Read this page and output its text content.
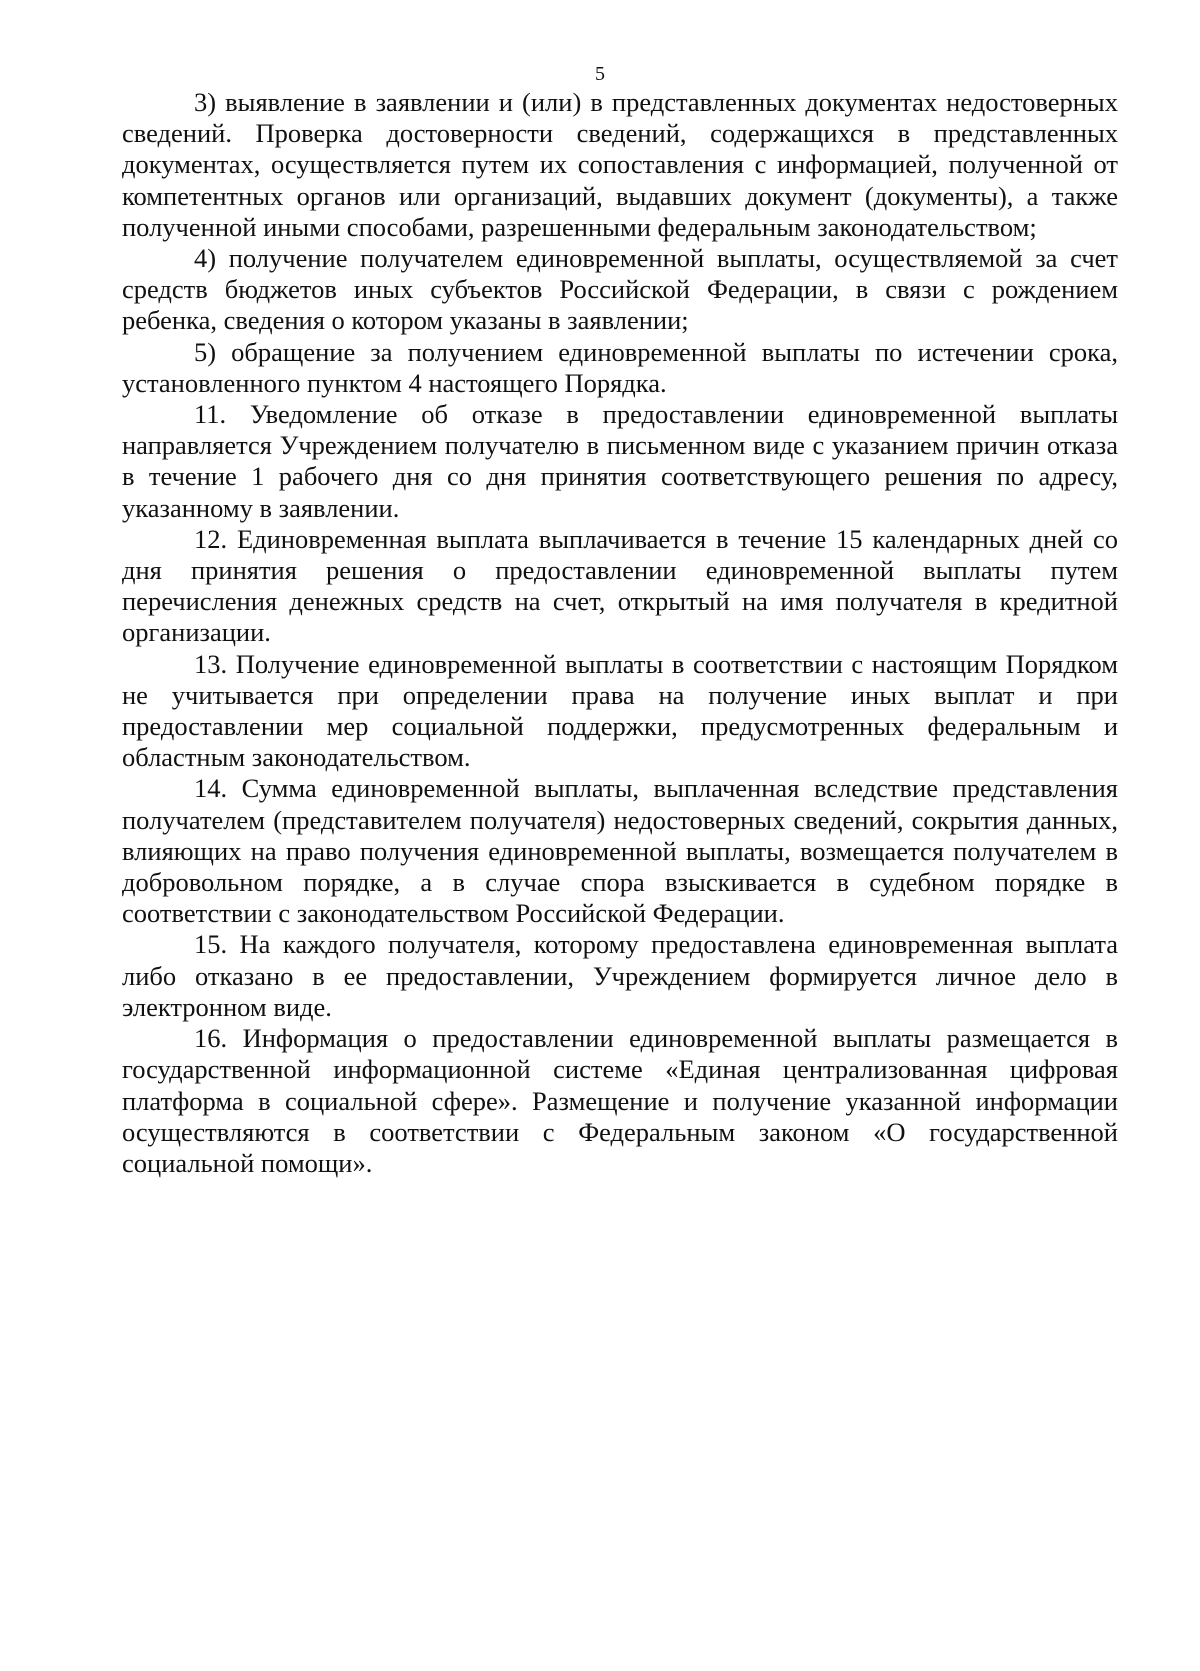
5

3) выявление в заявлении и (или) в представленных документах недостоверных сведений. Проверка достоверности сведений, содержащихся в представленных документах, осуществляется путем их сопоставления с информацией, полученной от компетентных органов или организаций, выдавших документ (документы), а также полученной иными способами, разрешенными федеральным законодательством;

4) получение получателем единовременной выплаты, осуществляемой за счет средств бюджетов иных субъектов Российской Федерации, в связи с рождением ребенка, сведения о котором указаны в заявлении;

5) обращение за получением единовременной выплаты по истечении срока, установленного пунктом 4 настоящего Порядка.

11. Уведомление об отказе в предоставлении единовременной выплаты направляется Учреждением получателю в письменном виде с указанием причин отказа в течение 1 рабочего дня со дня принятия соответствующего решения по адресу, указанному в заявлении.

12. Единовременная выплата выплачивается в течение 15 календарных дней со дня принятия решения о предоставлении единовременной выплаты путем перечисления денежных средств на счет, открытый на имя получателя в кредитной организации.

13. Получение единовременной выплаты в соответствии с настоящим Порядком не учитывается при определении права на получение иных выплат и при предоставлении мер социальной поддержки, предусмотренных федеральным и областным законодательством.

14. Сумма единовременной выплаты, выплаченная вследствие представления получателем (представителем получателя) недостоверных сведений, сокрытия данных, влияющих на право получения единовременной выплаты, возмещается получателем в добровольном порядке, а в случае спора взыскивается в судебном порядке в соответствии с законодательством Российской Федерации.

15. На каждого получателя, которому предоставлена единовременная выплата либо отказано в ее предоставлении, Учреждением формируется личное дело в электронном виде.

16. Информация о предоставлении единовременной выплаты размещается в государственной информационной системе «Единая централизованная цифровая платформа в социальной сфере». Размещение и получение указанной информации осуществляются в соответствии с Федеральным законом «О государственной социальной помощи».
